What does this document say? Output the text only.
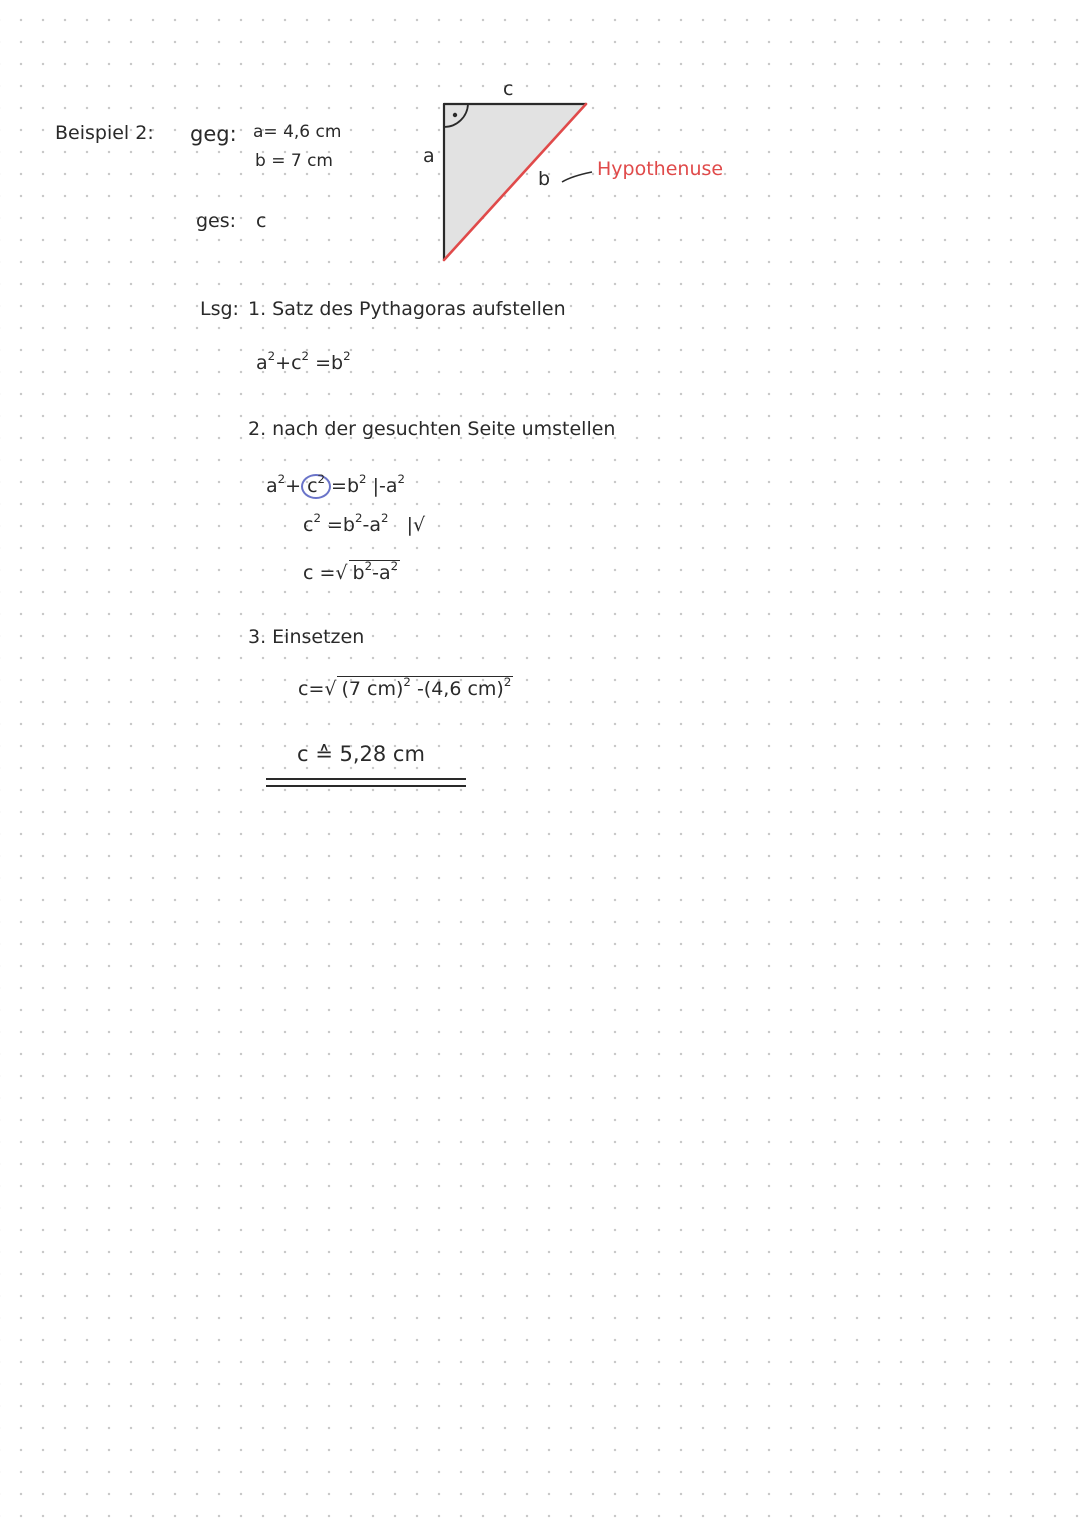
Beispiel 2: geg: a= 4,6 cm
b = 7 cm
ges: c
c
a
b Hypothenuse
Lsg: 1. Satz des Pythagoras aufstellen
$a^2+c^2 =b^2$
2. nach der gesuchten Seite umstellen
$a^2+ c^2 =b^2$ $|-a^2$
$c^2 =b^2-a^2$ |√
c =√ $b^2-a^2$
3. Einsetzen
c=√ (7 cm)$^2$ -(4,6 cm)$^2$
c ≙ 5,28 cm
